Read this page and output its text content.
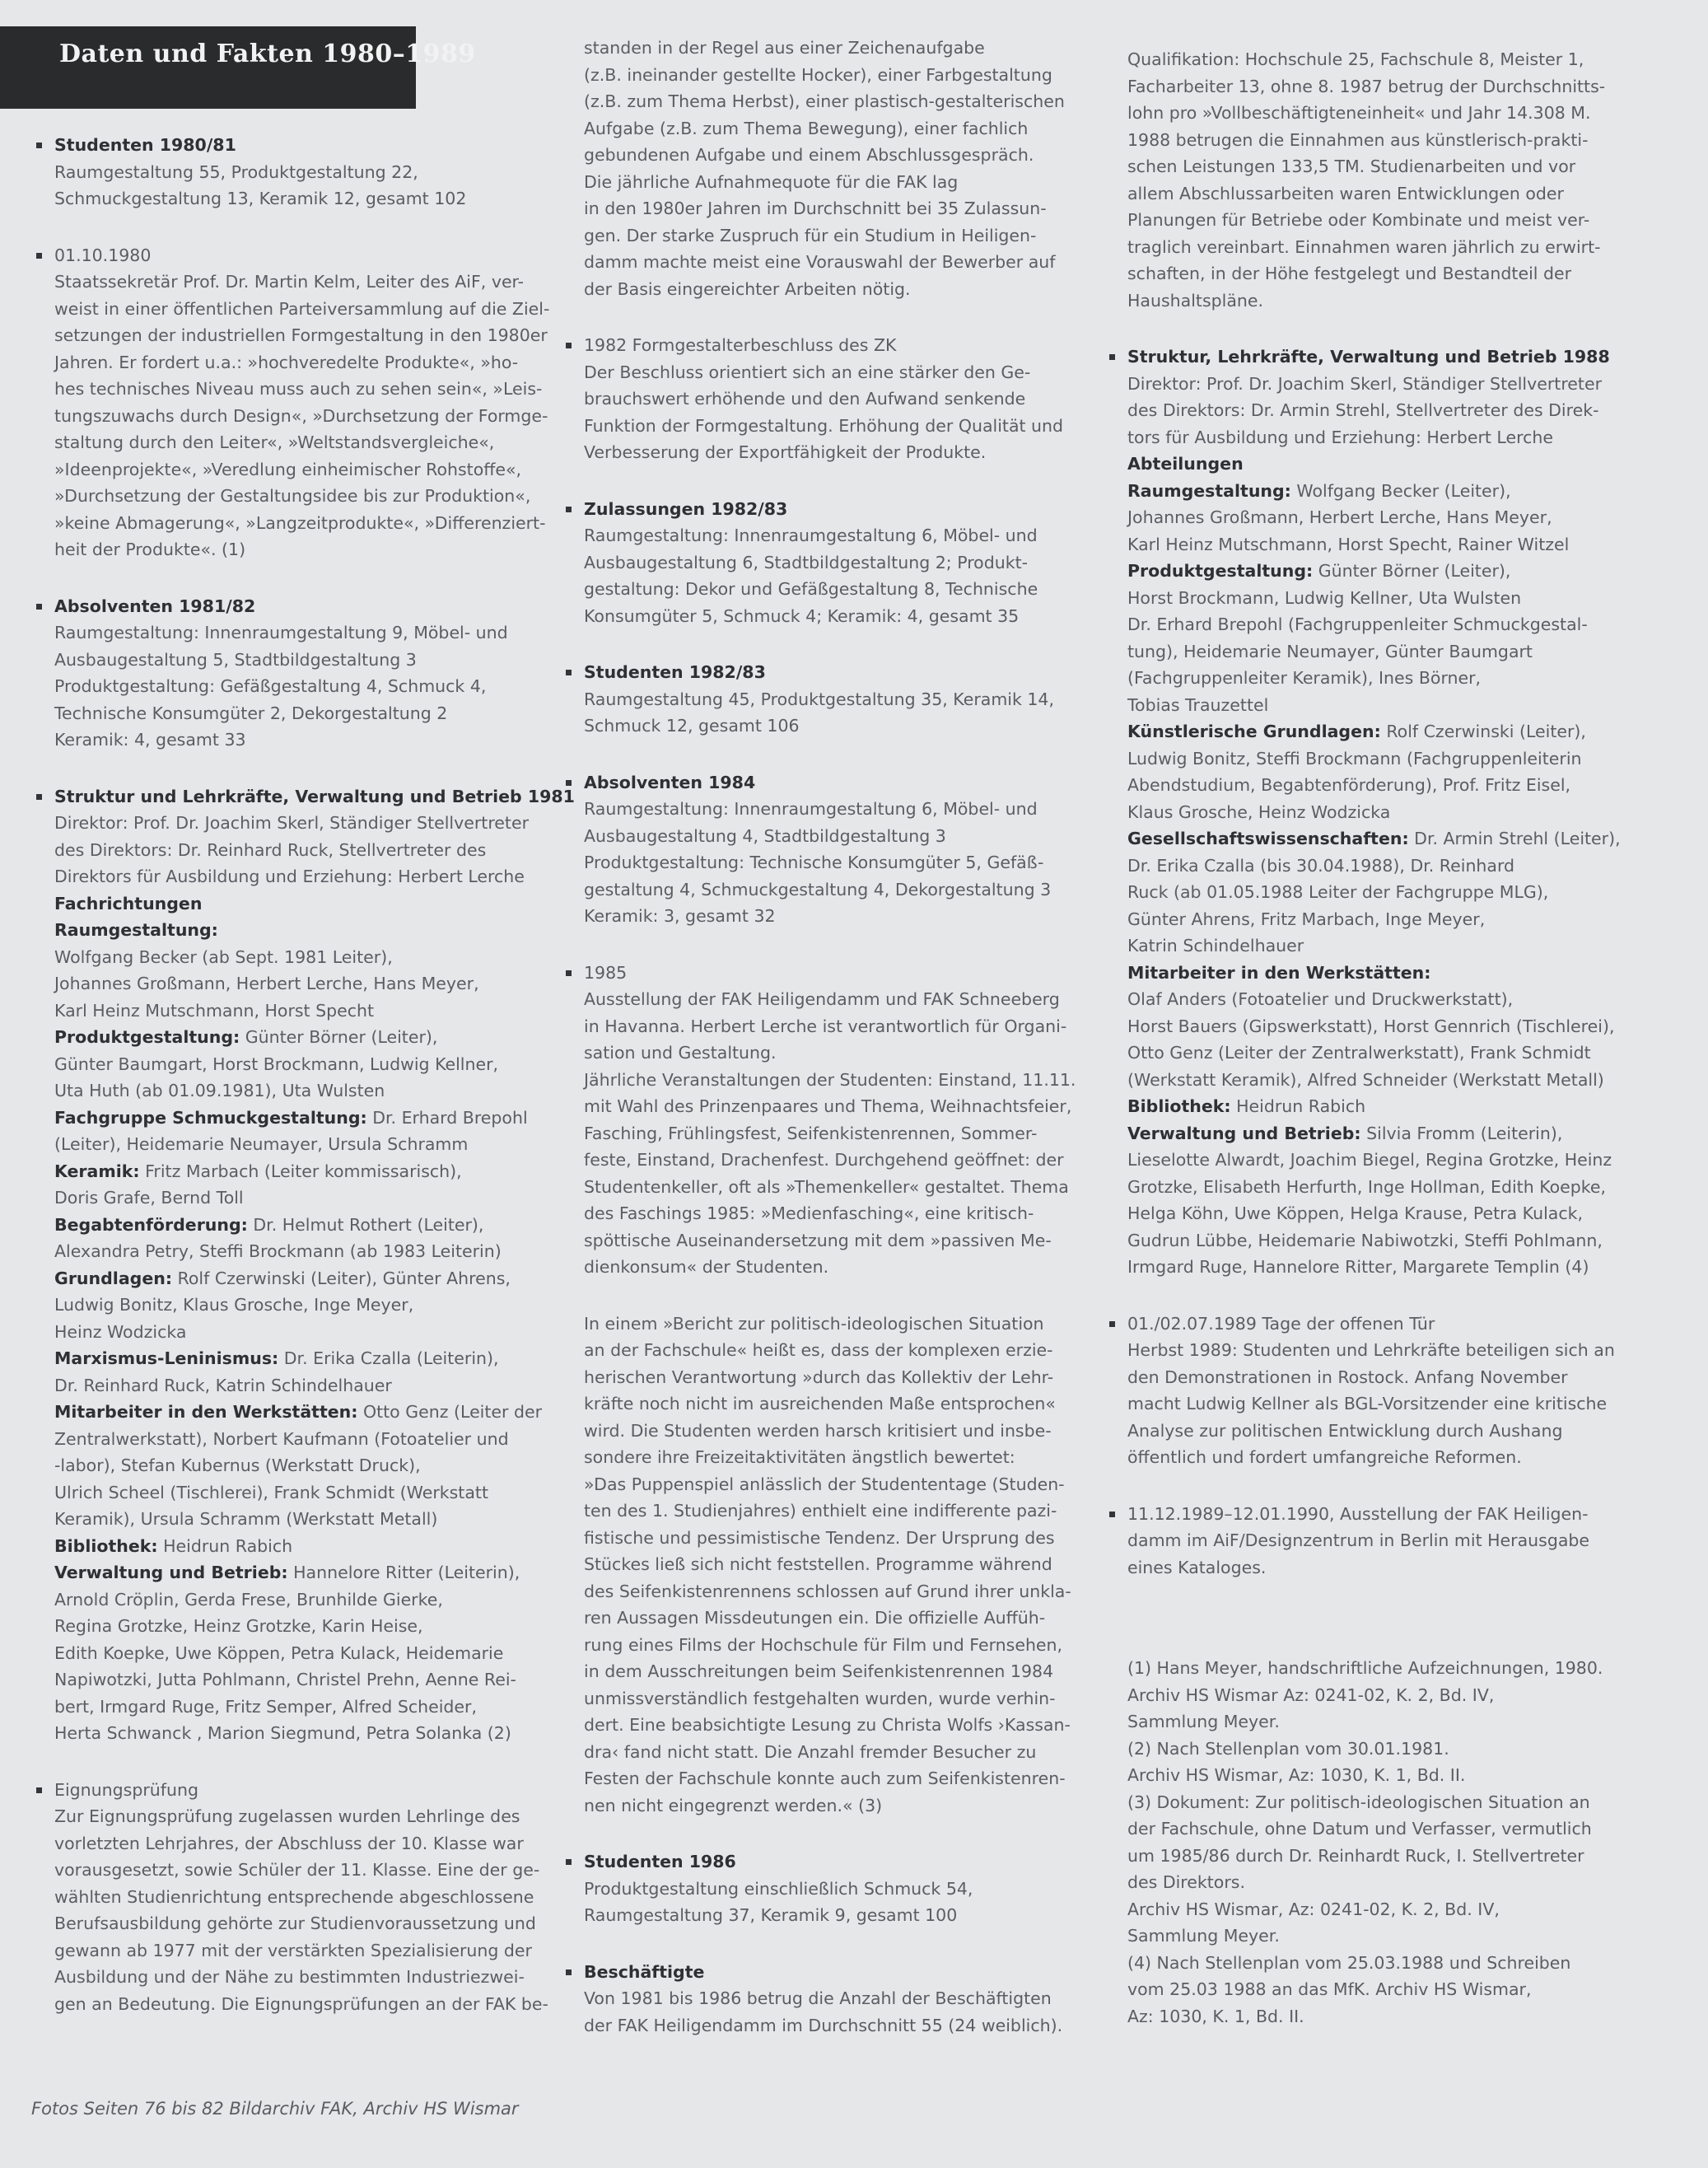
Daten und Fakten 1980–1989
Studenten 1980/81
Raumgestaltung 55, Produktgestaltung 22,
Schmuckgestaltung 13, Keramik 12, gesamt 102
01.10.1980
Staatssekretär Prof. Dr. Martin Kelm, Leiter des AiF, ver-
weist in einer öffentlichen Parteiversammlung auf die Ziel-
setzungen der industriellen Formgestaltung in den 1980er
Jahren. Er fordert u.a.: »hochveredelte Produkte«, »ho-
hes technisches Niveau muss auch zu sehen sein«, »Leis-
tungszuwachs durch Design«, »Durchsetzung der Formge-
staltung durch den Leiter«, »Weltstandsvergleiche«,
»Ideenprojekte«, »Veredlung einheimischer Rohstoffe«,
»Durchsetzung der Gestaltungsidee bis zur Produktion«,
»keine Abmagerung«, »Langzeitprodukte«, »Differenziert-
heit der Produkte«. (1)
Absolventen 1981/82
Raumgestaltung: Innenraumgestaltung 9, Möbel- und
Ausbaugestaltung 5, Stadtbildgestaltung 3
Produktgestaltung: Gefäßgestaltung 4, Schmuck 4,
Technische Konsumgüter 2, Dekorgestaltung 2
Keramik: 4, gesamt 33
Struktur und Lehrkräfte, Verwaltung und Betrieb 1981
Direktor: Prof. Dr. Joachim Skerl, Ständiger Stellvertreter
des Direktors: Dr. Reinhard Ruck, Stellvertreter des
Direktors für Ausbildung und Erziehung: Herbert Lerche
Fachrichtungen
Raumgestaltung:
Wolfgang Becker (ab Sept. 1981 Leiter),
Johannes Großmann, Herbert Lerche, Hans Meyer,
Karl Heinz Mutschmann, Horst Specht
Produktgestaltung: Günter Börner (Leiter),
Günter Baumgart, Horst Brockmann, Ludwig Kellner,
Uta Huth (ab 01.09.1981), Uta Wulsten
Fachgruppe Schmuckgestaltung: Dr. Erhard Brepohl
(Leiter), Heidemarie Neumayer, Ursula Schramm
Keramik: Fritz Marbach (Leiter kommissarisch),
Doris Grafe, Bernd Toll
Begabtenförderung: Dr. Helmut Rothert (Leiter),
Alexandra Petry, Steffi Brockmann (ab 1983 Leiterin)
Grundlagen: Rolf Czerwinski (Leiter), Günter Ahrens,
Ludwig Bonitz, Klaus Grosche, Inge Meyer,
Heinz Wodzicka
Marxismus-Leninismus: Dr. Erika Czalla (Leiterin),
Dr. Reinhard Ruck, Katrin Schindelhauer
Mitarbeiter in den Werkstätten: Otto Genz (Leiter der
Zentralwerkstatt), Norbert Kaufmann (Fotoatelier und
-labor), Stefan Kubernus (Werkstatt Druck),
Ulrich Scheel (Tischlerei), Frank Schmidt (Werkstatt
Keramik), Ursula Schramm (Werkstatt Metall)
Bibliothek: Heidrun Rabich
Verwaltung und Betrieb: Hannelore Ritter (Leiterin),
Arnold Cröplin, Gerda Frese, Brunhilde Gierke,
Regina Grotzke, Heinz Grotzke, Karin Heise,
Edith Koepke, Uwe Köppen, Petra Kulack, Heidemarie
Napiwotzki, Jutta Pohlmann, Christel Prehn, Aenne Rei-
bert, Irmgard Ruge, Fritz Semper, Alfred Scheider,
Herta Schwanck , Marion Siegmund, Petra Solanka (2)
Eignungsprüfung
Zur Eignungsprüfung zugelassen wurden Lehrlinge des
vorletzten Lehrjahres, der Abschluss der 10. Klasse war
vorausgesetzt, sowie Schüler der 11. Klasse. Eine der ge-
wählten Studienrichtung entsprechende abgeschlossene
Berufsausbildung gehörte zur Studienvoraussetzung und
gewann ab 1977 mit der verstärkten Spezialisierung der
Ausbildung und der Nähe zu bestimmten Industriezwei-
gen an Bedeutung. Die Eignungsprüfungen an der FAK be-
standen in der Regel aus einer Zeichenaufgabe
(z.B. ineinander gestellte Hocker), einer Farbgestaltung
(z.B. zum Thema Herbst), einer plastisch-gestalterischen
Aufgabe (z.B. zum Thema Bewegung), einer fachlich
gebundenen Aufgabe und einem Abschlussgespräch.
Die jährliche Aufnahmequote für die FAK lag
in den 1980er Jahren im Durchschnitt bei 35 Zulassun-
gen. Der starke Zuspruch für ein Studium in Heiligen-
damm machte meist eine Vorauswahl der Bewerber auf
der Basis eingereichter Arbeiten nötig.
1982 Formgestalterbeschluss des ZK
Der Beschluss orientiert sich an eine stärker den Ge-
brauchswert erhöhende und den Aufwand senkende
Funktion der Formgestaltung. Erhöhung der Qualität und
Verbesserung der Exportfähigkeit der Produkte.
Zulassungen 1982/83
Raumgestaltung: Innenraumgestaltung 6, Möbel- und
Ausbaugestaltung 6, Stadtbildgestaltung 2; Produkt-
gestaltung: Dekor und Gefäßgestaltung 8, Technische
Konsumgüter 5, Schmuck 4; Keramik: 4, gesamt 35
Studenten 1982/83
Raumgestaltung 45, Produktgestaltung 35, Keramik 14,
Schmuck 12, gesamt 106
Absolventen 1984
Raumgestaltung: Innenraumgestaltung 6, Möbel- und
Ausbaugestaltung 4, Stadtbildgestaltung 3
Produktgestaltung: Technische Konsumgüter 5, Gefäß-
gestaltung 4, Schmuckgestaltung 4, Dekorgestaltung 3
Keramik: 3, gesamt 32
1985
Ausstellung der FAK Heiligendamm und FAK Schneeberg
in Havanna. Herbert Lerche ist verantwortlich für Organi-
sation und Gestaltung.
Jährliche Veranstaltungen der Studenten: Einstand, 11.11.
mit Wahl des Prinzenpaares und Thema, Weihnachtsfeier,
Fasching, Frühlingsfest, Seifenkistenrennen, Sommer-
feste, Einstand, Drachenfest. Durchgehend geöffnet: der
Studentenkeller, oft als »Themenkeller« gestaltet. Thema
des Faschings 1985: »Medienfasching«, eine kritisch-
spöttische Auseinandersetzung mit dem »passiven Me-
dienkonsum« der Studenten.
In einem »Bericht zur politisch-ideologischen Situation
an der Fachschule« heißt es, dass der komplexen erzie-
herischen Verantwortung »durch das Kollektiv der Lehr-
kräfte noch nicht im ausreichenden Maße entsprochen«
wird. Die Studenten werden harsch kritisiert und insbe-
sondere ihre Freizeitaktivitäten ängstlich bewertet:
»Das Puppenspiel anlässlich der Studententage (Studen-
ten des 1. Studienjahres) enthielt eine indifferente pazi-
fistische und pessimistische Tendenz. Der Ursprung des
Stückes ließ sich nicht feststellen. Programme während
des Seifenkistenrennens schlossen auf Grund ihrer unkla-
ren Aussagen Missdeutungen ein. Die offizielle Auffüh-
rung eines Films der Hochschule für Film und Fernsehen,
in dem Ausschreitungen beim Seifenkistenrennen 1984
unmissverständlich festgehalten wurden, wurde verhin-
dert. Eine beabsichtigte Lesung zu Christa Wolfs ›Kassan-
dra‹ fand nicht statt. Die Anzahl fremder Besucher zu
Festen der Fachschule konnte auch zum Seifenkistenren-
nen nicht eingegrenzt werden.« (3)
Studenten 1986
Produktgestaltung einschließlich Schmuck 54,
Raumgestaltung 37, Keramik 9, gesamt 100
Beschäftigte
Von 1981 bis 1986 betrug die Anzahl der Beschäftigten
der FAK Heiligendamm im Durchschnitt 55 (24 weiblich).
Qualifikation: Hochschule 25, Fachschule 8, Meister 1,
Facharbeiter 13, ohne 8. 1987 betrug der Durchschnitts-
lohn pro »Vollbeschäftigteneinheit« und Jahr 14.308 M.
1988 betrugen die Einnahmen aus künstlerisch-prakti-
schen Leistungen 133,5 TM. Studienarbeiten und vor
allem Abschlussarbeiten waren Entwicklungen oder
Planungen für Betriebe oder Kombinate und meist ver-
traglich vereinbart. Einnahmen waren jährlich zu erwirt-
schaften, in der Höhe festgelegt und Bestandteil der
Haushaltspläne.
Struktur, Lehrkräfte, Verwaltung und Betrieb 1988
Direktor: Prof. Dr. Joachim Skerl, Ständiger Stellvertreter
des Direktors: Dr. Armin Strehl, Stellvertreter des Direk-
tors für Ausbildung und Erziehung: Herbert Lerche
Abteilungen
Raumgestaltung: Wolfgang Becker (Leiter),
Johannes Großmann, Herbert Lerche, Hans Meyer,
Karl Heinz Mutschmann, Horst Specht, Rainer Witzel
Produktgestaltung: Günter Börner (Leiter),
Horst Brockmann, Ludwig Kellner, Uta Wulsten
Dr. Erhard Brepohl (Fachgruppenleiter Schmuckgestal-
tung), Heidemarie Neumayer, Günter Baumgart
(Fachgruppenleiter Keramik), Ines Börner,
Tobias Trauzettel
Künstlerische Grundlagen: Rolf Czerwinski (Leiter),
Ludwig Bonitz, Steffi Brockmann (Fachgruppenleiterin
Abendstudium, Begabtenförderung), Prof. Fritz Eisel,
Klaus Grosche, Heinz Wodzicka
Gesellschaftswissenschaften: Dr. Armin Strehl (Leiter),
Dr. Erika Czalla (bis 30.04.1988), Dr. Reinhard
Ruck (ab 01.05.1988 Leiter der Fachgruppe MLG),
Günter Ahrens, Fritz Marbach, Inge Meyer,
Katrin Schindelhauer
Mitarbeiter in den Werkstätten:
Olaf Anders (Fotoatelier und Druckwerkstatt),
Horst Bauers (Gipswerkstatt), Horst Gennrich (Tischlerei),
Otto Genz (Leiter der Zentralwerkstatt), Frank Schmidt
(Werkstatt Keramik), Alfred Schneider (Werkstatt Metall)
Bibliothek: Heidrun Rabich
Verwaltung und Betrieb: Silvia Fromm (Leiterin),
Lieselotte Alwardt, Joachim Biegel, Regina Grotzke, Heinz
Grotzke, Elisabeth Herfurth, Inge Hollman, Edith Koepke,
Helga Köhn, Uwe Köppen, Helga Krause, Petra Kulack,
Gudrun Lübbe, Heidemarie Nabiwotzki, Steffi Pohlmann,
Irmgard Ruge, Hannelore Ritter, Margarete Templin (4)
01./02.07.1989 Tage der offenen Tür
Herbst 1989: Studenten und Lehrkräfte beteiligen sich an
den Demonstrationen in Rostock. Anfang November
macht Ludwig Kellner als BGL-Vorsitzender eine kritische
Analyse zur politischen Entwicklung durch Aushang
öffentlich und fordert umfangreiche Reformen.
11.12.1989–12.01.1990, Ausstellung der FAK Heiligen-
damm im AiF/Designzentrum in Berlin mit Herausgabe
eines Kataloges.
(1) Hans Meyer, handschriftliche Aufzeichnungen, 1980.
Archiv HS Wismar Az: 0241-02, K. 2, Bd. IV,
Sammlung Meyer.
(2) Nach Stellenplan vom 30.01.1981.
Archiv HS Wismar, Az: 1030, K. 1, Bd. II.
(3) Dokument: Zur politisch-ideologischen Situation an
der Fachschule, ohne Datum und Verfasser, vermutlich
um 1985/86 durch Dr. Reinhardt Ruck, I. Stellvertreter
des Direktors.
Archiv HS Wismar, Az: 0241-02, K. 2, Bd. IV,
Sammlung Meyer.
(4) Nach Stellenplan vom 25.03.1988 und Schreiben
vom 25.03 1988 an das MfK. Archiv HS Wismar,
Az: 1030, K. 1, Bd. II.
Fotos Seiten 76 bis 82 Bildarchiv FAK, Archiv HS Wismar
